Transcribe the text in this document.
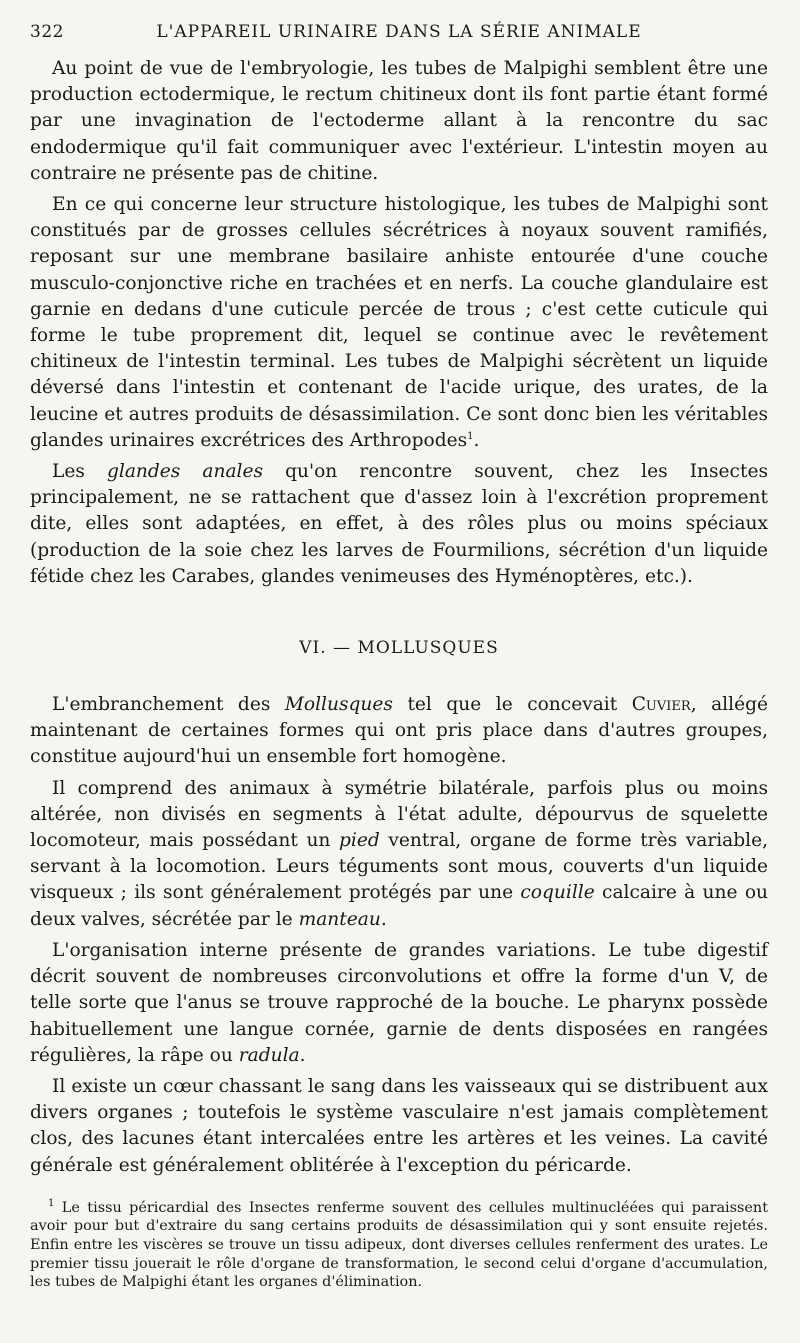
322	L'APPAREIL URINAIRE DANS LA SÉRIE ANIMALE

Au point de vue de l'embryologie, les tubes de Malpighi semblent être une production ectodermique, le rectum chitineux dont ils font partie étant formé par une invagination de l'ectoderme allant à la rencontre du sac endodermique qu'il fait communiquer avec l'extérieur. L'intestin moyen au contraire ne présente pas de chitine.

En ce qui concerne leur structure histologique, les tubes de Malpighi sont constitués par de grosses cellules sécrétrices à noyaux souvent ramifiés, reposant sur une membrane basilaire anhiste entourée d'une couche musculo-conjonctive riche en trachées et en nerfs. La couche glandulaire est garnie en dedans d'une cuticule percée de trous ; c'est cette cuticule qui forme le tube proprement dit, lequel se continue avec le revêtement chitineux de l'intestin terminal. Les tubes de Malpighi sécrètent un liquide déversé dans l'intestin et contenant de l'acide urique, des urates, de la leucine et autres produits de désassimilation. Ce sont donc bien les véritables glandes urinaires excrétrices des Arthropodes$^1$.

Les glandes anales qu'on rencontre souvent, chez les Insectes principalement, ne se rattachent que d'assez loin à l'excrétion proprement dite, elles sont adaptées, en effet, à des rôles plus ou moins spéciaux (production de la soie chez les larves de Fourmilions, sécrétion d'un liquide fétide chez les Carabes, glandes venimeuses des Hyménoptères, etc.).

VI. — MOLLUSQUES

L'embranchement des Mollusques tel que le concevait Cuvier, allégé maintenant de certaines formes qui ont pris place dans d'autres groupes, constitue aujourd'hui un ensemble fort homogène.

Il comprend des animaux à symétrie bilatérale, parfois plus ou moins altérée, non divisés en segments à l'état adulte, dépourvus de squelette locomoteur, mais possédant un pied ventral, organe de forme très variable, servant à la locomotion. Leurs téguments sont mous, couverts d'un liquide visqueux ; ils sont généralement protégés par une coquille calcaire à une ou deux valves, sécrétée par le manteau.

L'organisation interne présente de grandes variations. Le tube digestif décrit souvent de nombreuses circonvolutions et offre la forme d'un V, de telle sorte que l'anus se trouve rapproché de la bouche. Le pharynx possède habituellement une langue cornée, garnie de dents disposées en rangées régulières, la râpe ou radula.

Il existe un cœur chassant le sang dans les vaisseaux qui se distribuent aux divers organes ; toutefois le système vasculaire n'est jamais complètement clos, des lacunes étant intercalées entre les artères et les veines. La cavité générale est généralement oblitérée à l'exception du péricarde.

$^1$ Le tissu péricardial des Insectes renferme souvent des cellules multinucléées qui paraissent avoir pour but d'extraire du sang certains produits de désassimilation qui y sont ensuite rejetés. Enfin entre les viscères se trouve un tissu adipeux, dont diverses cellules renferment des urates. Le premier tissu jouerait le rôle d'organe de transformation, le second celui d'organe d'accumulation, les tubes de Malpighi étant les organes d'élimination.
